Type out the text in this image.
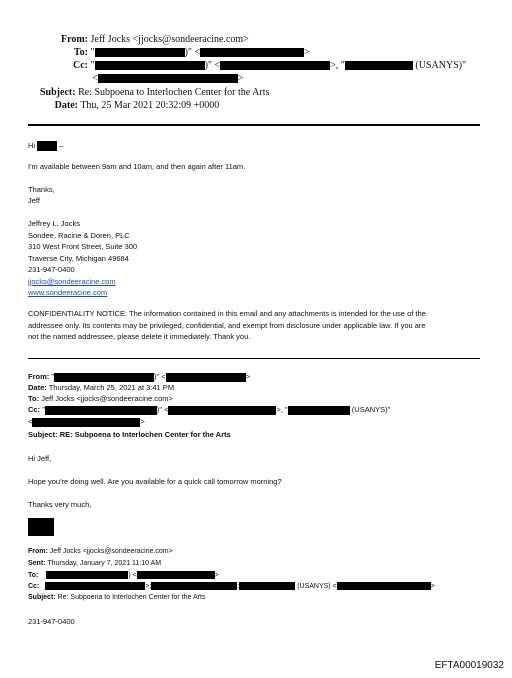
From: Jeff Jocks <jjocks@sondeeracine.com>
To: "	)" <	>
Cc: "	)" <	>, "	(USANYS)"
<	>
Subject: Re: Subpoena to Interlochen Center for the Arts
Date: Thu, 25 Mar 2021 20:32:09 +0000
Hi	–
I'm available between 9am and 10am, and then again after 11am.
Thanks,
Jeff
Jeffrey L. Jocks
Sondee, Racine & Doren, PLC
310 West Front Street, Suite 300
Traverse City, Michigan 49684
231-947-0400
jjocks@sondeeracine.com
www.sondeeracine.com
CONFIDENTIALITY NOTICE: The information contained in this email and any attachments is intended for the use of the
addressee only. Its contents may be privileged, confidential, and exempt from disclosure under applicable law. If you are
not the named addressee, please delete it immediately. Thank you.
From: "	)" <	>
Date: Thursday, March 25, 2021 at 3:41 PM
To: Jeff Jocks <jjocks@sondeeracine.com>
Cc: "	)" <	>, "	(USANYS)"
<	>
Subject: RE: Subpoena to Interlochen Center for the Arts
Hi Jeff,
Hope you're doing well. Are you available for a quick call tomorrow morning?
Thanks very much,
From: Jeff Jocks <jjocks@sondeeracine.com>
Sent: Thursday, January 7, 2021 11:10 AM
To:	) <	>
Cc:	>;	(USANYS) <	>
Subject: Re: Subpoena to Interlochen Center for the Arts
231-947-0400
EFTA00019032
